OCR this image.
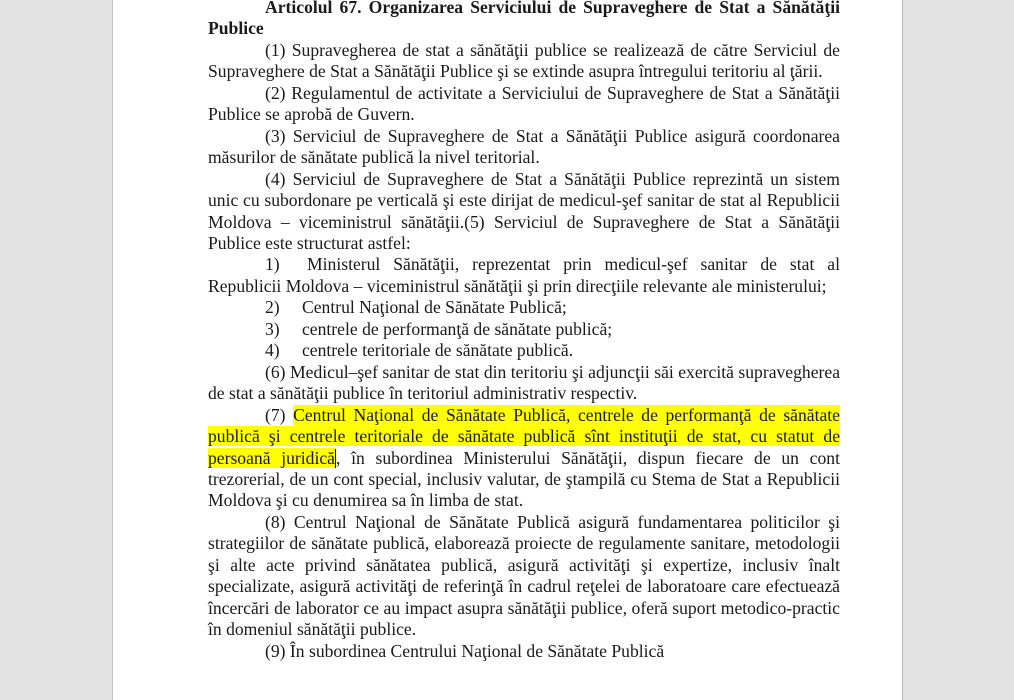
Articolul 67. Organizarea Serviciului de Supraveghere de Stat a Sănătăţii Publice

(1) Supravegherea de stat a sănătăţii publice se realizează de către Serviciul de Supraveghere de Stat a Sănătăţii Publice şi se extinde asupra întregului teritoriu al ţării.

(2) Regulamentul de activitate a Serviciului de Supraveghere de Stat a Sănătăţii Publice se aprobă de Guvern.

(3) Serviciul de Supraveghere de Stat a Sănătăţii Publice asigură coordonarea măsurilor de sănătate publică la nivel teritorial.

(4) Serviciul de Supraveghere de Stat a Sănătăţii Publice reprezintă un sistem unic cu subordonare pe verticală şi este dirijat de medicul-şef sanitar de stat al Republicii Moldova – viceministrul sănătăţii.(5) Serviciul de Supraveghere de Stat a Sănătăţii Publice este structurat astfel:

1) Ministerul Sănătăţii, reprezentat prin medicul-şef sanitar de stat al Republicii Moldova – viceministrul sănătăţii şi prin direcţiile relevante ale ministerului;

2) Centrul Naţional de Sănătate Publică;

3) centrele de performanţă de sănătate publică;

4) centrele teritoriale de sănătate publică.

(6) Medicul–şef sanitar de stat din teritoriu şi adjuncţii săi exercită supravegherea de stat a sănătăţii publice în teritoriul administrativ respectiv.

(7) Centrul Naţional de Sănătate Publică, centrele de performanţă de sănătate publică şi centrele teritoriale de sănătate publică sînt instituţii de stat, cu statut de persoană juridică, în subordinea Ministerului Sănătăţii, dispun fiecare de un cont trezorerial, de un cont special, inclusiv valutar, de ştampilă cu Stema de Stat a Republicii Moldova şi cu denumirea sa în limba de stat.

(8) Centrul Naţional de Sănătate Publică asigură fundamentarea politicilor şi strategiilor de sănătate publică, elaborează proiecte de regulamente sanitare, metodologii şi alte acte privind sănătatea publică, asigură activităţi şi expertize, inclusiv înalt specializate, asigură activităţi de referinţă în cadrul reţelei de laboratoare care efectuează încercări de laborator ce au impact asupra sănătăţii publice, oferă suport metodico-practic în domeniul sănătăţii publice.

(9) În subordinea Centrului Naţional de Sănătate Publică
